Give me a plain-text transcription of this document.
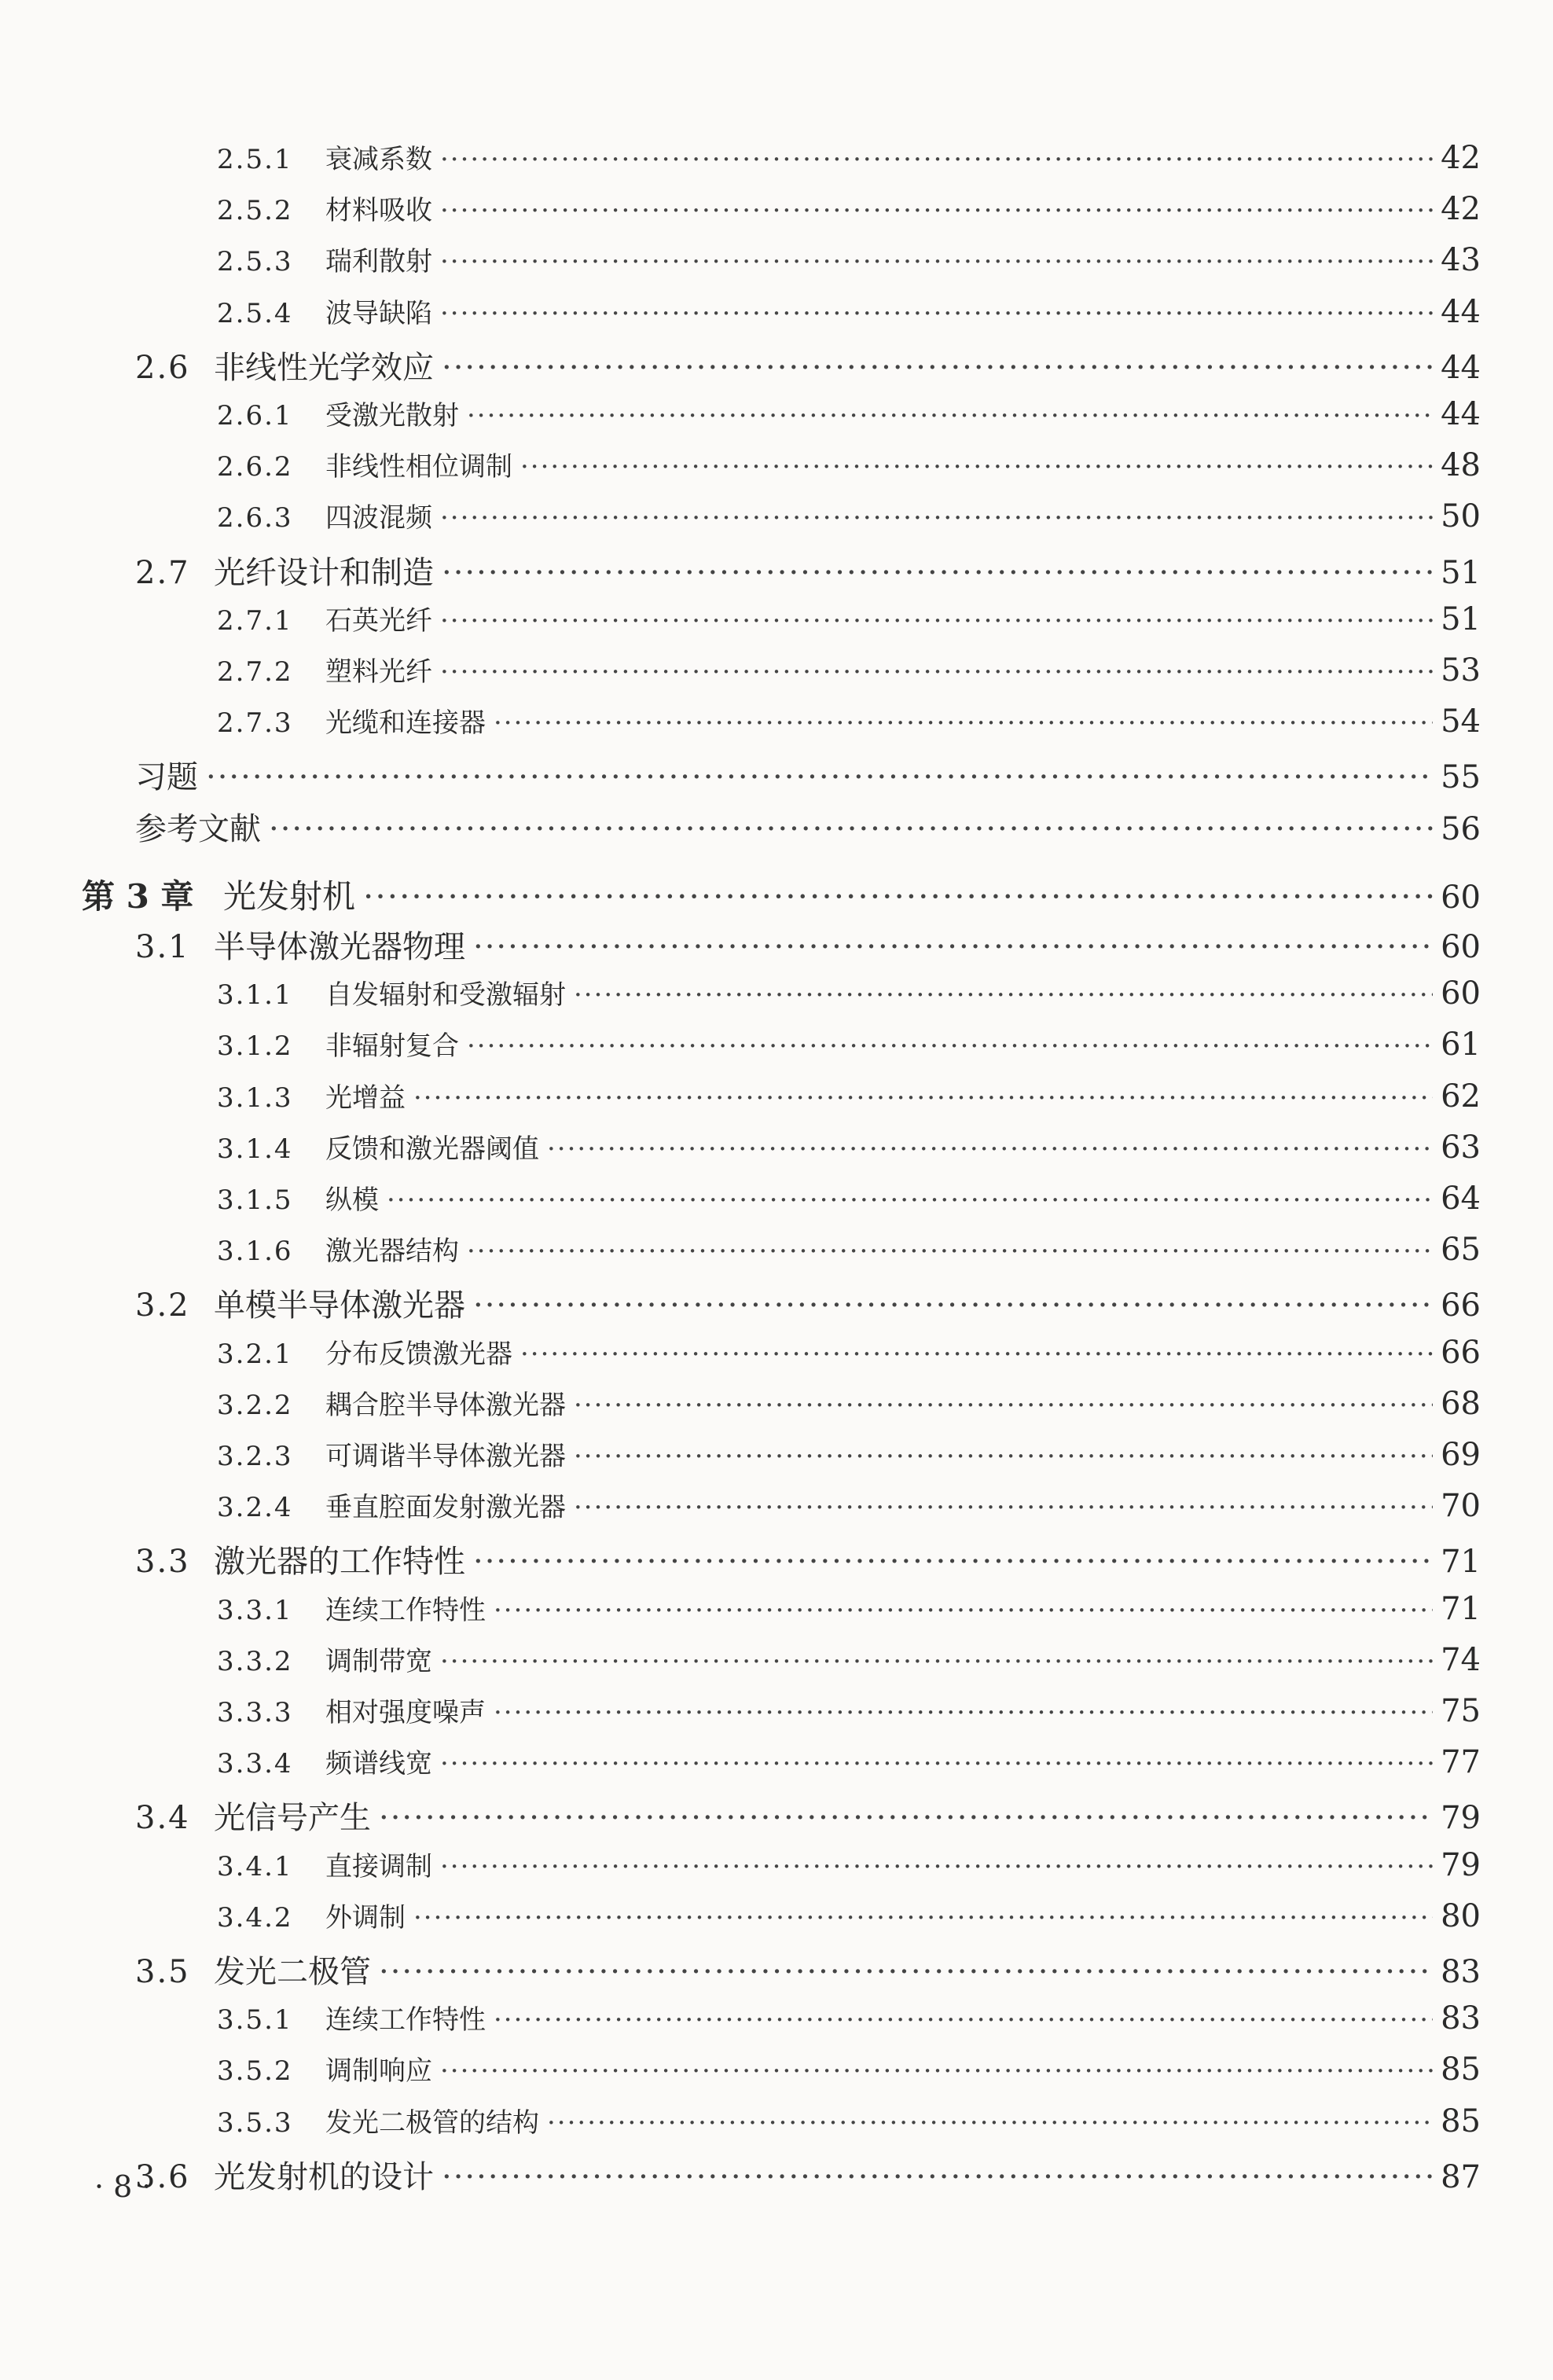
2.5.1	衰减系数 ·····	42
2.5.2	材料吸收 ·····	42
2.5.3	瑞利散射 ·····	43
2.5.4	波导缺陷 ·····	44
2.6 非线性光学效应 ·····	44
2.6.1	受激光散射 ·····	44
2.6.2	非线性相位调制 ·····	48
2.6.3	四波混频 ·····	50
2.7 光纤设计和制造 ·····	51
2.7.1	石英光纤 ·····	51
2.7.2	塑料光纤 ·····	53
2.7.3	光缆和连接器 ·····	54
习题 ·····	55
参考文献 ·····	56
第 3 章 光发射机 ·····	60
3.1 半导体激光器物理 ·····	60
3.1.1	自发辐射和受激辐射 ·····	60
3.1.2	非辐射复合 ·····	61
3.1.3	光增益 ·····	62
3.1.4	反馈和激光器阈值 ·····	63
3.1.5	纵模 ·····	64
3.1.6	激光器结构 ·····	65
3.2 单模半导体激光器 ·····	66
3.2.1	分布反馈激光器 ·····	66
3.2.2	耦合腔半导体激光器 ·····	68
3.2.3	可调谐半导体激光器 ·····	69
3.2.4	垂直腔面发射激光器 ·····	70
3.3 激光器的工作特性 ·····	71
3.3.1	连续工作特性 ·····	71
3.3.2	调制带宽 ·····	74
3.3.3	相对强度噪声 ·····	75
3.3.4	频谱线宽 ·····	77
3.4 光信号产生 ·····	79
3.4.1	直接调制 ·····	79
3.4.2	外调制 ·····	80
3.5 发光二极管 ·····	83
3.5.1	连续工作特性 ·····	83
3.5.2	调制响应 ·····	85
3.5.3	发光二极管的结构 ·····	85
3.6 光发射机的设计 ·····	87
· 8 ·
